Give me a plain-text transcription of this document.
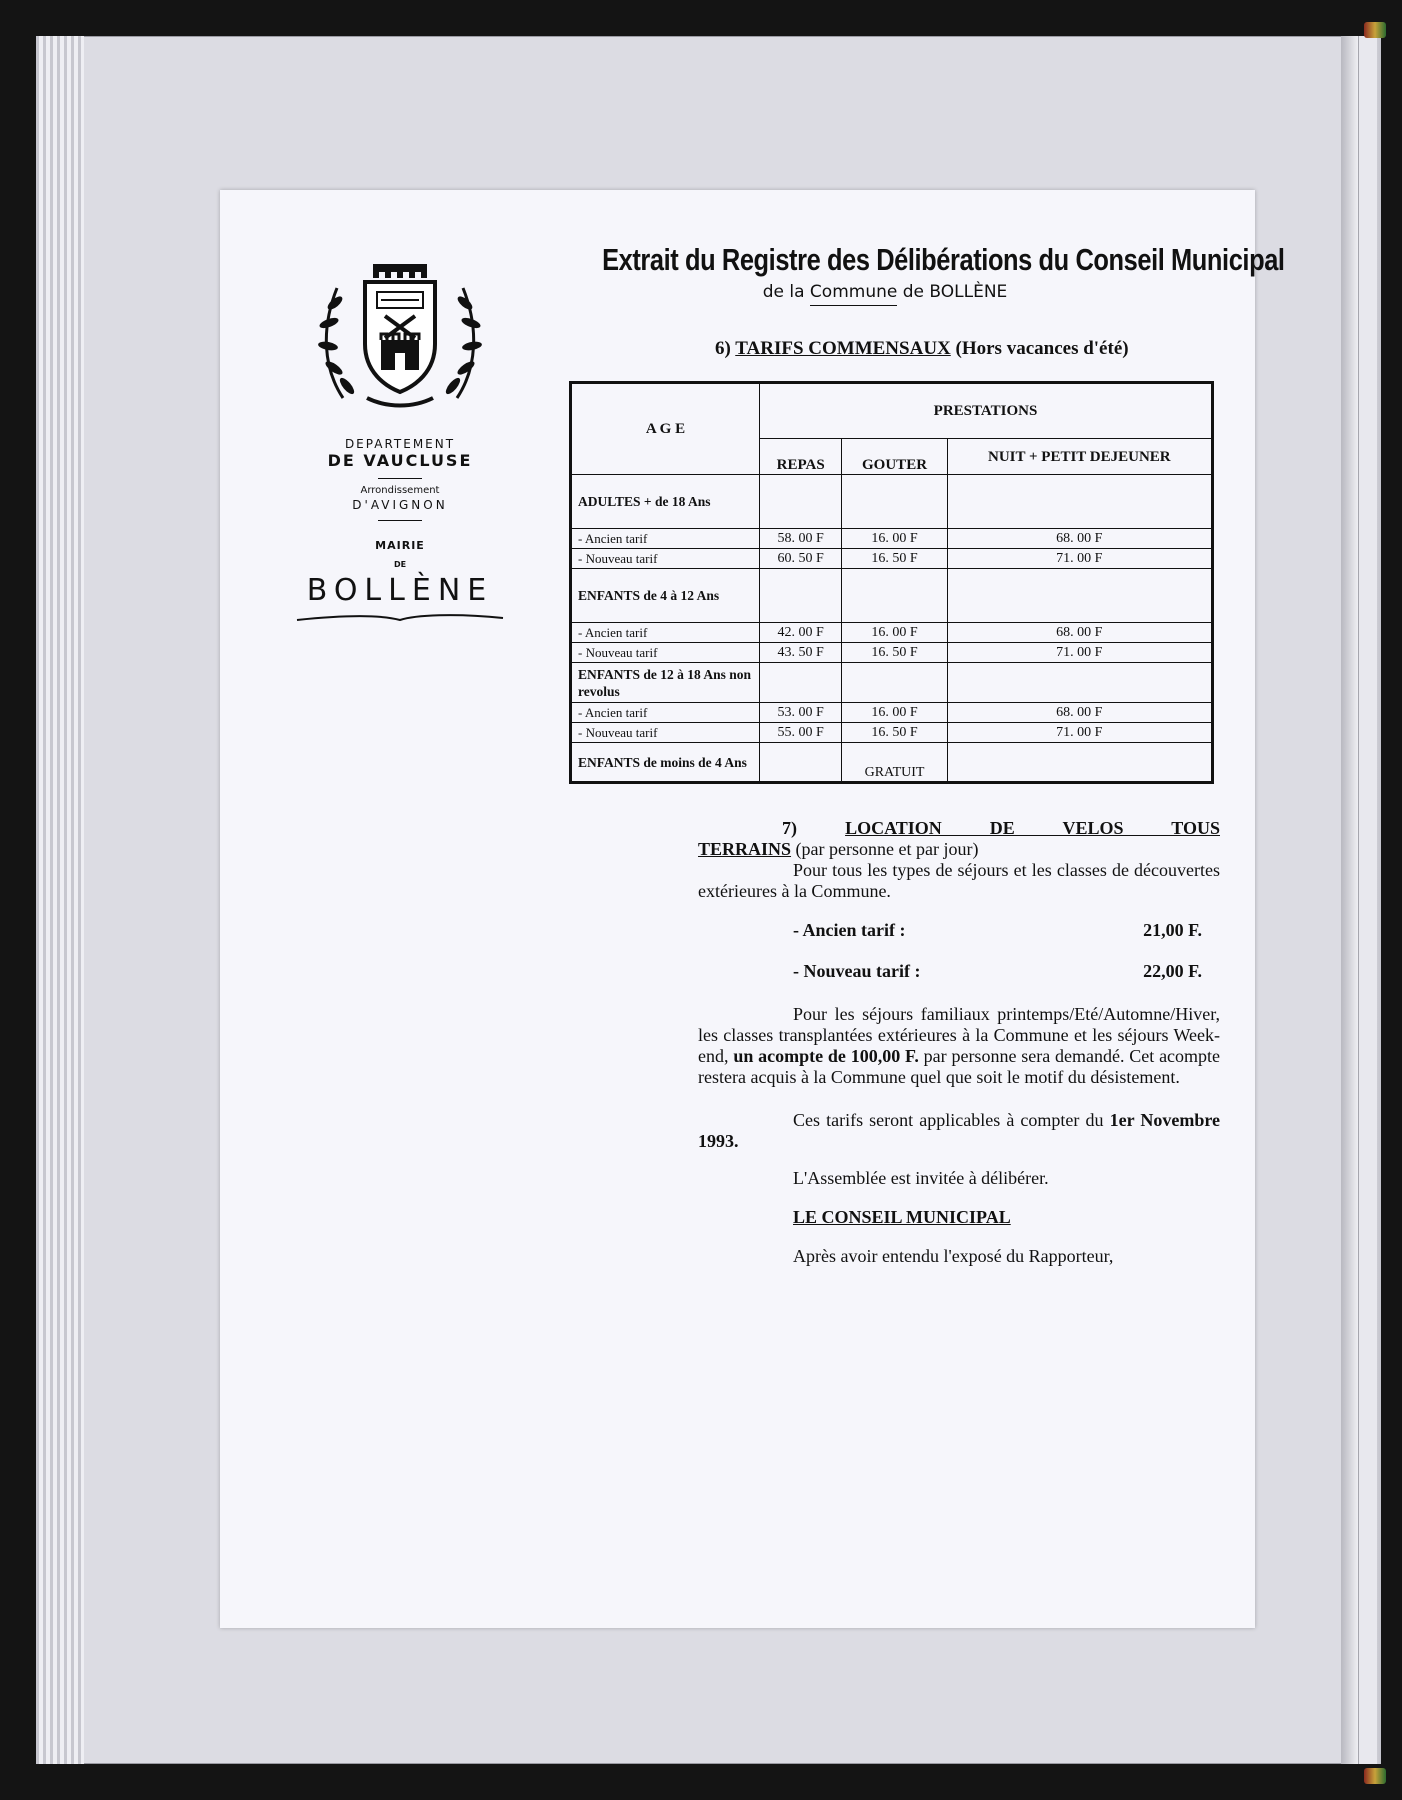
DEPARTEMENT
DE VAUCLUSE
Arrondissement
D'AVIGNON
MAIRIE
DE
BOLLÈNE
Extrait du Registre des Délibérations du Conseil Municipal
de la Commune de BOLLÈNE
6) TARIFS COMMENSAUX (Hors vacances d'été)
A G E	PRESTATIONS		
	REPAS	GOUTER	NUIT + PETIT DEJEUNER
ADULTES + de 18 Ans			
- Ancien tarif	58. 00 F	16. 00 F	68. 00 F
- Nouveau tarif	60. 50 F	16. 50 F	71. 00 F
ENFANTS de 4 à 12 Ans			
- Ancien tarif	42. 00 F	16. 00 F	68. 00 F
- Nouveau tarif	43. 50 F	16. 50 F	71. 00 F
ENFANTS de 12 à 18 Ans non revolus			
- Ancien tarif	53. 00 F	16. 00 F	68. 00 F
- Nouveau tarif	55. 00 F	16. 50 F	71. 00 F
ENFANTS de moins de 4 Ans		GRATUIT	

7)	LOCATION DE VELOS TOUS

TERRAINS (par personne et par jour)

Pour tous les types de séjours et les classes de découvertes extérieures à la Commune.

- Ancien tarif :	21,00 F.
- Nouveau tarif :	22,00 F.

Pour les séjours familiaux printemps/Eté/Automne/Hiver, les classes transplantées extérieures à la Commune et les séjours Week-end, un acompte de 100,00 F. par personne sera demandé. Cet acompte restera acquis à la Commune quel que soit le motif du désistement.

Ces tarifs seront applicables à compter du 1er Novembre 1993.

L'Assemblée est invitée à délibérer.

LE CONSEIL MUNICIPAL

Après avoir entendu l'exposé du Rapporteur,
